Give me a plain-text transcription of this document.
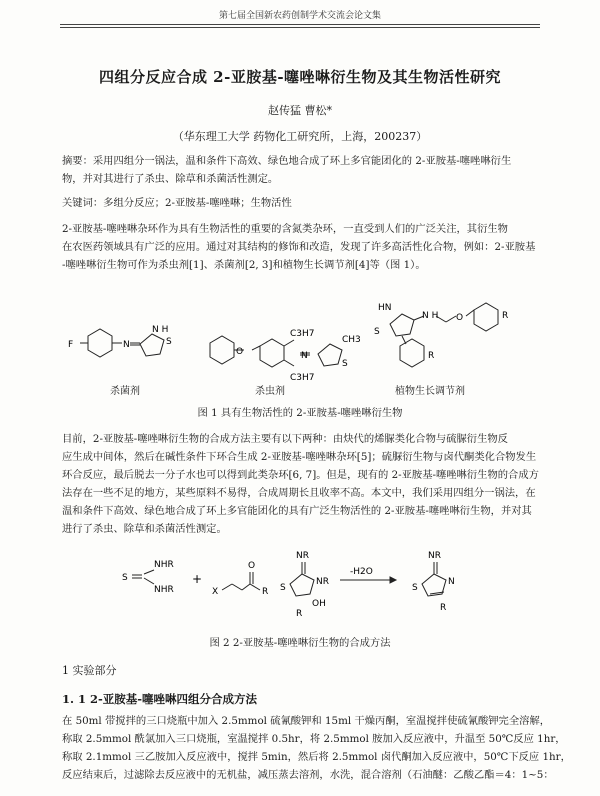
第七届全国新农药创制学术交流会论文集
四组分反应合成 2-亚胺基-噻唑啉衍生物及其生物活性研究
赵传猛 曹松*
（华东理工大学 药物化工研究所，上海，200237）
摘要：采用四组分一锅法，温和条件下高效、绿色地合成了环上多官能团化的 2-亚胺基-噻唑啉衍生
物，并对其进行了杀虫、除草和杀菌活性测定。
关键词：多组分反应；2-亚胺基-噻唑啉；生物活性
2-亚胺基-噻唑啉杂环作为具有生物活性的重要的含氮类杂环，一直受到人们的广泛关注，其衍生物
在农医药领域具有广泛的应用。通过对其结构的修饰和改造，发现了许多高活性化合物，例如：2-亚胺基
-噻唑啉衍生物可作为杀虫剂[1]、杀菌剂[2, 3]和植物生长调节剂[4]等（图 1）。
F	N	S
N H
O
C3H7
C3H7
N
CH3
S
HN
S
N H O	R
R
杀菌剂	杀虫剂	植物生长调节剂
图 1 具有生物活性的 2-亚胺基-噻唑啉衍生物
目前，2-亚胺基-噻唑啉衍生物的合成方法主要有以下两种：由炔代的烯脲类化合物与硫脲衍生物反
应生成中间体，然后在碱性条件下环合生成 2-亚胺基-噻唑啉杂环[5]；硫脲衍生物与卤代酮类化合物发生
环合反应，最后脱去一分子水也可以得到此类杂环[6, 7]。但是，现有的 2-亚胺基-噻唑啉衍生物的合成方
法存在一些不足的地方，某些原料不易得，合成周期长且收率不高。本文中，我们采用四组分一锅法，在
温和条件下高效、绿色地合成了环上多官能团化的具有广泛生物活性的 2-亚胺基-噻唑啉衍生物，并对其
进行了杀虫、除草和杀菌活性测定。
NHR
NHR
S	+
X
O
R
NR
S
NR
OH
R
-H2O
NR
S
N
R
图 2 2-亚胺基-噻唑啉衍生物的合成方法
1 实验部分
1. 1 2-亚胺基-噻唑啉四组分合成方法
在 50ml 带搅拌的三口烧瓶中加入 2.5mmol 硫氰酸钾和 15ml 干燥丙酮，室温搅拌使硫氰酸钾完全溶解，
称取 2.5mmol 酰氯加入三口烧瓶，室温搅拌 0.5hr，将 2.5mmol 胺加入反应液中，升温至 50℃反应 1hr，
称取 2.1mmol 三乙胺加入反应液中，搅拌 5min，然后将 2.5mmol 卤代酮加入反应液中，50℃下反应 1hr，
反应结束后，过滤除去反应液中的无机盐，减压蒸去溶剂，水洗，混合溶剂（石油醚：乙酸乙酯＝4：1~5：
